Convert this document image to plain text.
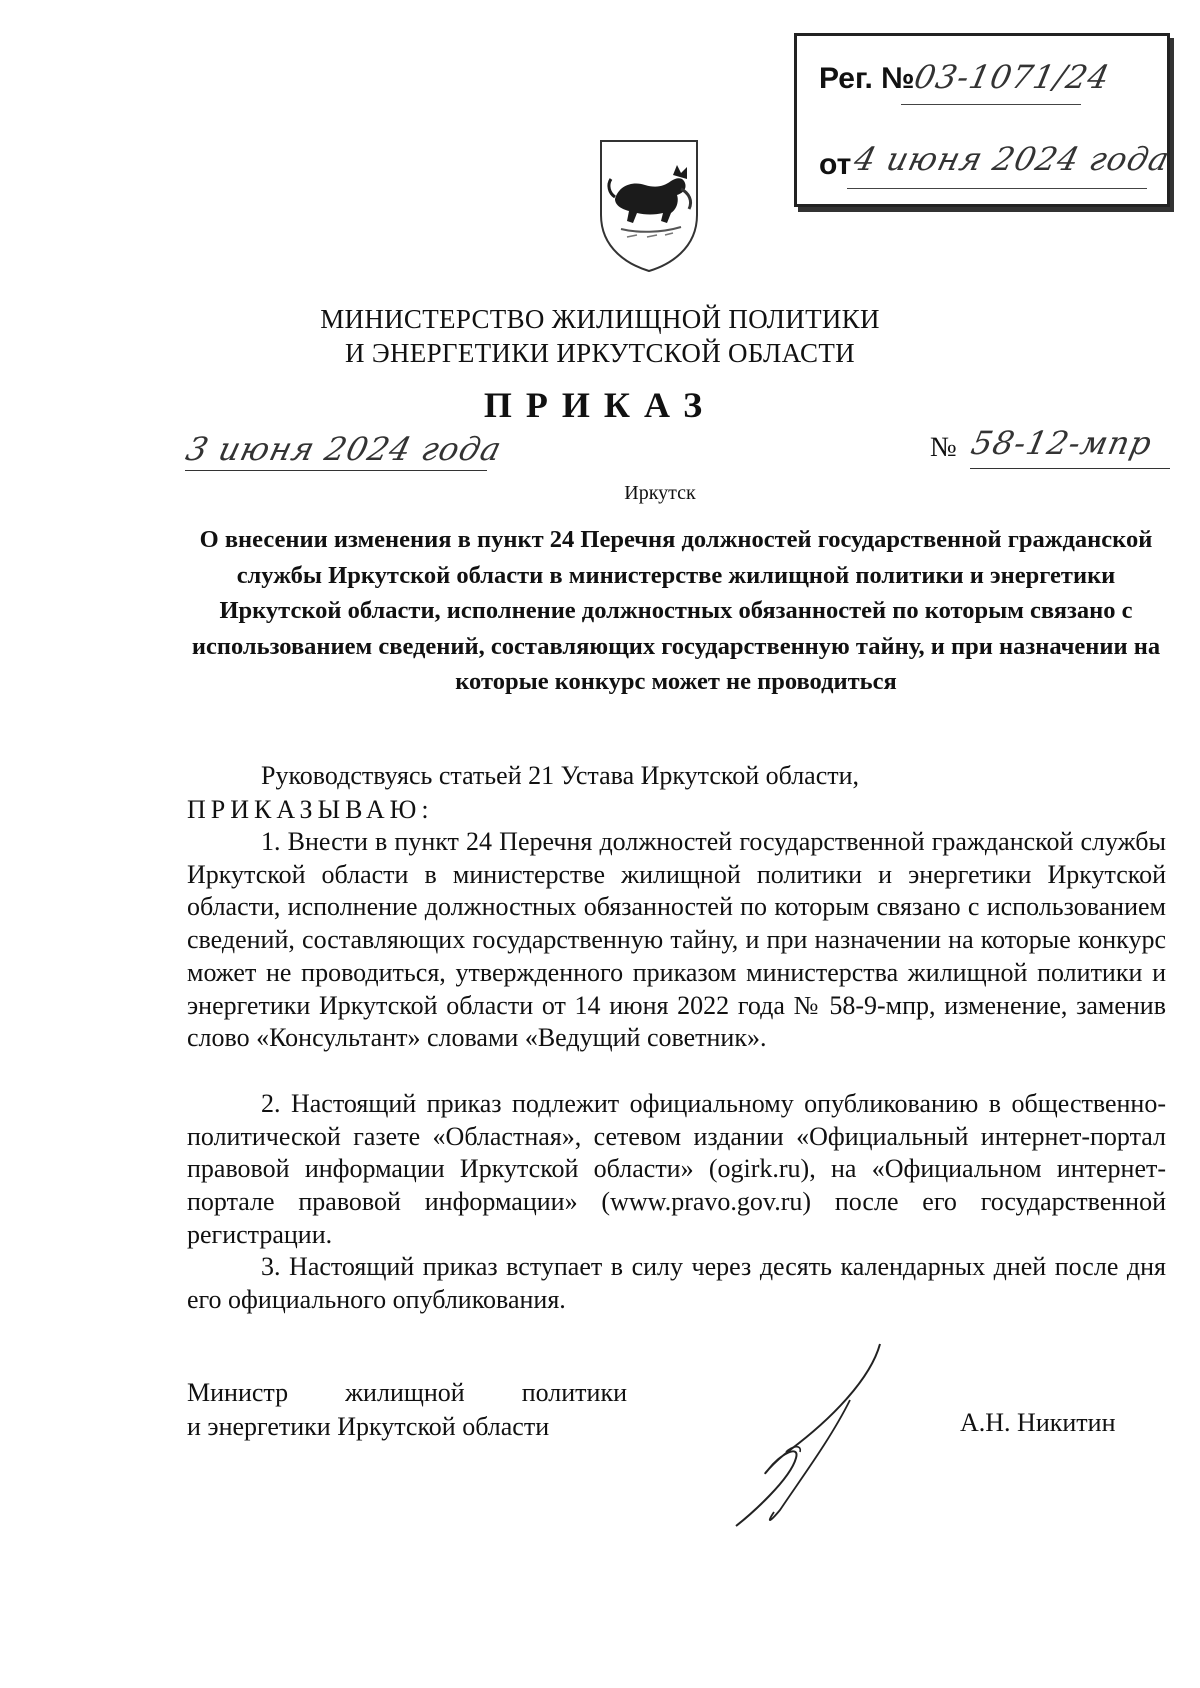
Рег. №
03-1071/24
от
4 июня 2024 года
МИНИСТЕРСТВО ЖИЛИЩНОЙ ПОЛИТИКИ
И ЭНЕРГЕТИКИ ИРКУТСКОЙ ОБЛАСТИ
ПРИКАЗ
3 июня 2024 года	№ 58-12-мпр
Иркутск
О внесении изменения в пункт 24 Перечня должностей государственной гражданской службы Иркутской области в министерстве жилищной политики и энергетики Иркутской области, исполнение должностных обязанностей по которым связано с использованием сведений, составляющих государственную тайну, и при назначении на которые конкурс может не проводиться
Руководствуясь статьей 21 Устава Иркутской области,
ПРИКАЗЫВАЮ:
1. Внести в пункт 24 Перечня должностей государственной гражданской службы Иркутской области в министерстве жилищной политики и энергетики Иркутской области, исполнение должностных обязанностей по которым связано с использованием сведений, составляющих государственную тайну, и при назначении на которые конкурс может не проводиться, утвержденного приказом министерства жилищной политики и энергетики Иркутской области от 14 июня 2022 года № 58-9-мпр, изменение, заменив слово «Консультант» словами «Ведущий советник».
2. Настоящий приказ подлежит официальному опубликованию в общественно-политической газете «Областная», сетевом издании «Официальный интернет-портал правовой информации Иркутской области» (ogirk.ru), на «Официальном интернет-портале правовой информации» (www.pravo.gov.ru) после его государственной регистрации.
3. Настоящий приказ вступает в силу через десять календарных дней после дня его официального опубликования.
Министр жилищной политики
и энергетики Иркутской области	А.Н. Никитин
